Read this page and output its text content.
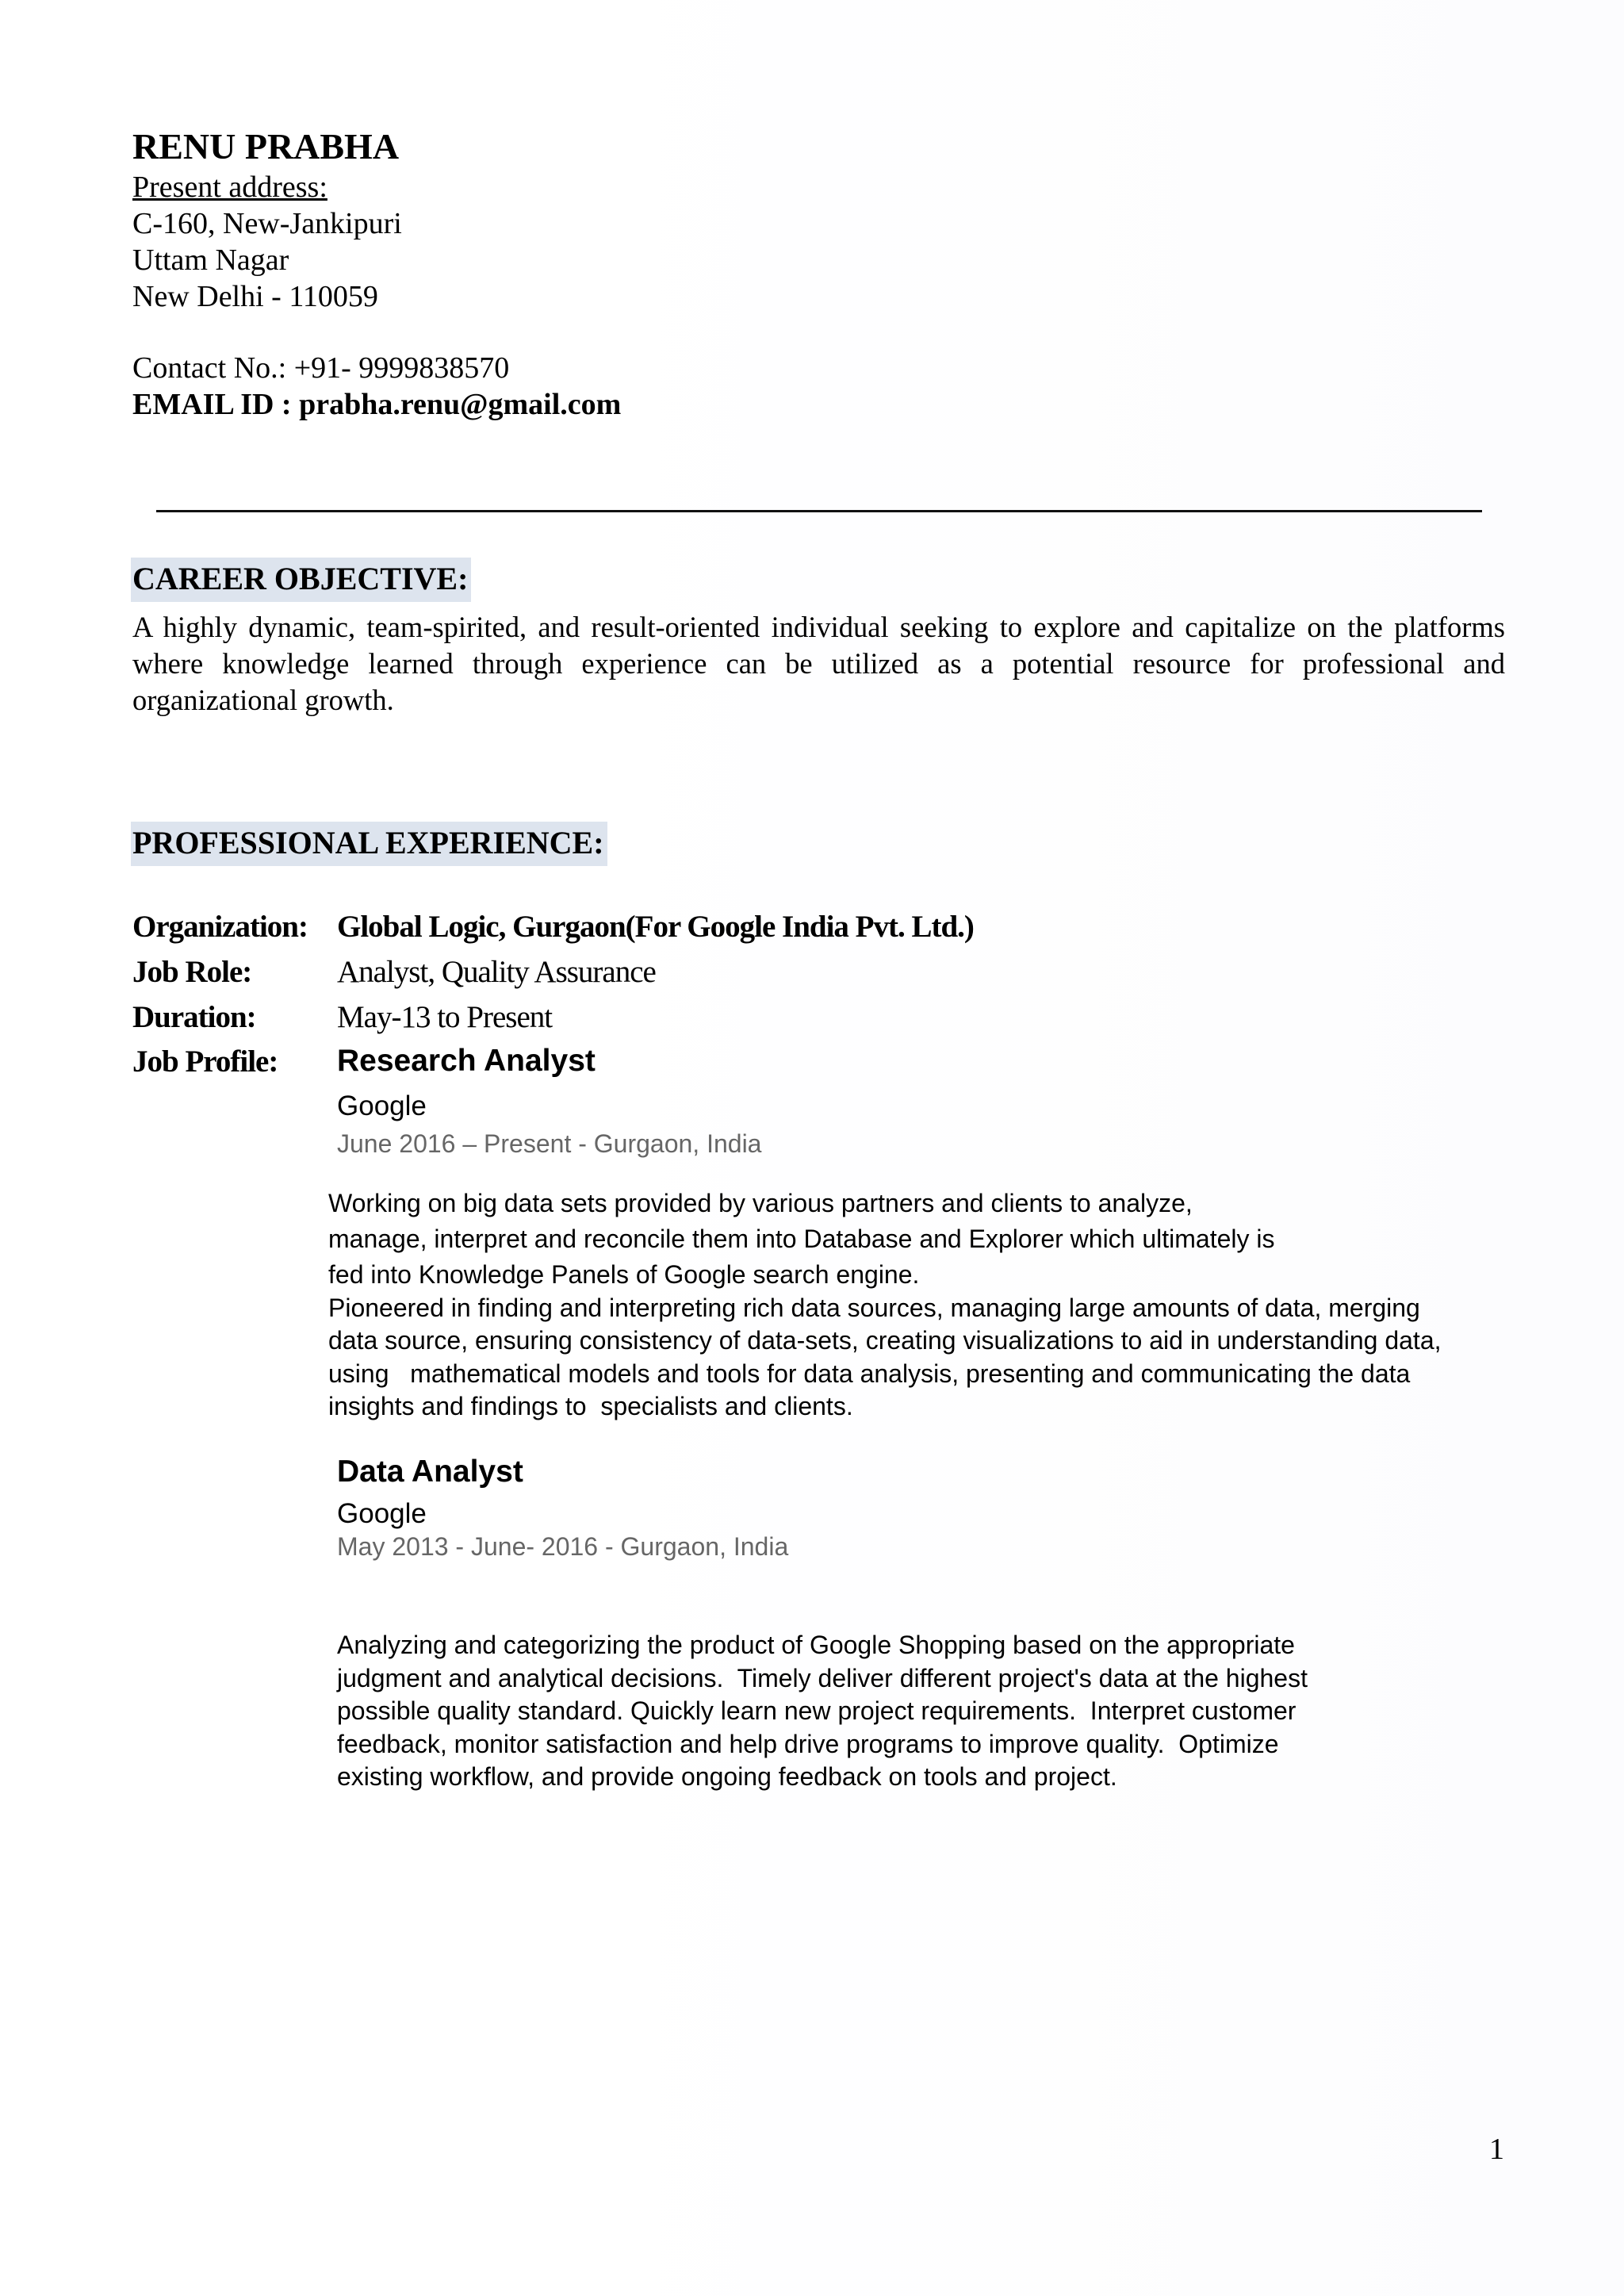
RENU PRABHA
Present address:
C-160, New-Jankipuri
Uttam Nagar
New Delhi - 110059
Contact No.: +91- 9999838570
EMAIL ID : prabha.renu@gmail.com
CAREER OBJECTIVE:
A highly dynamic, team-spirited, and result-oriented individual seeking to explore and capitalize on the platforms where knowledge learned through experience can be utilized as a potential resource for professional and organizational growth.
PROFESSIONAL EXPERIENCE:
Organization: Global Logic, Gurgaon(For Google India Pvt. Ltd.)
Job Role:	Analyst, Quality Assurance
Duration:	May-13 to Present
Job Profile: Research Analyst
Google
June 2016 – Present - Gurgaon, India
Working on big data sets provided by various partners and clients to analyze,
manage, interpret and reconcile them into Database and Explorer which ultimately is
fed into Knowledge Panels of Google search engine.
Pioneered in finding and interpreting rich data sources, managing large amounts of data, merging
data source, ensuring consistency of data-sets, creating visualizations to aid in understanding data,
using   mathematical models and tools for data analysis, presenting and communicating the data
insights and findings to  specialists and clients.
Data Analyst
Google
May 2013 - June- 2016 - Gurgaon, India
Analyzing and categorizing the product of Google Shopping based on the appropriate
judgment and analytical decisions.  Timely deliver different project's data at the highest
possible quality standard. Quickly learn new project requirements.  Interpret customer
feedback, monitor satisfaction and help drive programs to improve quality.  Optimize
existing workflow, and provide ongoing feedback on tools and project.
1
